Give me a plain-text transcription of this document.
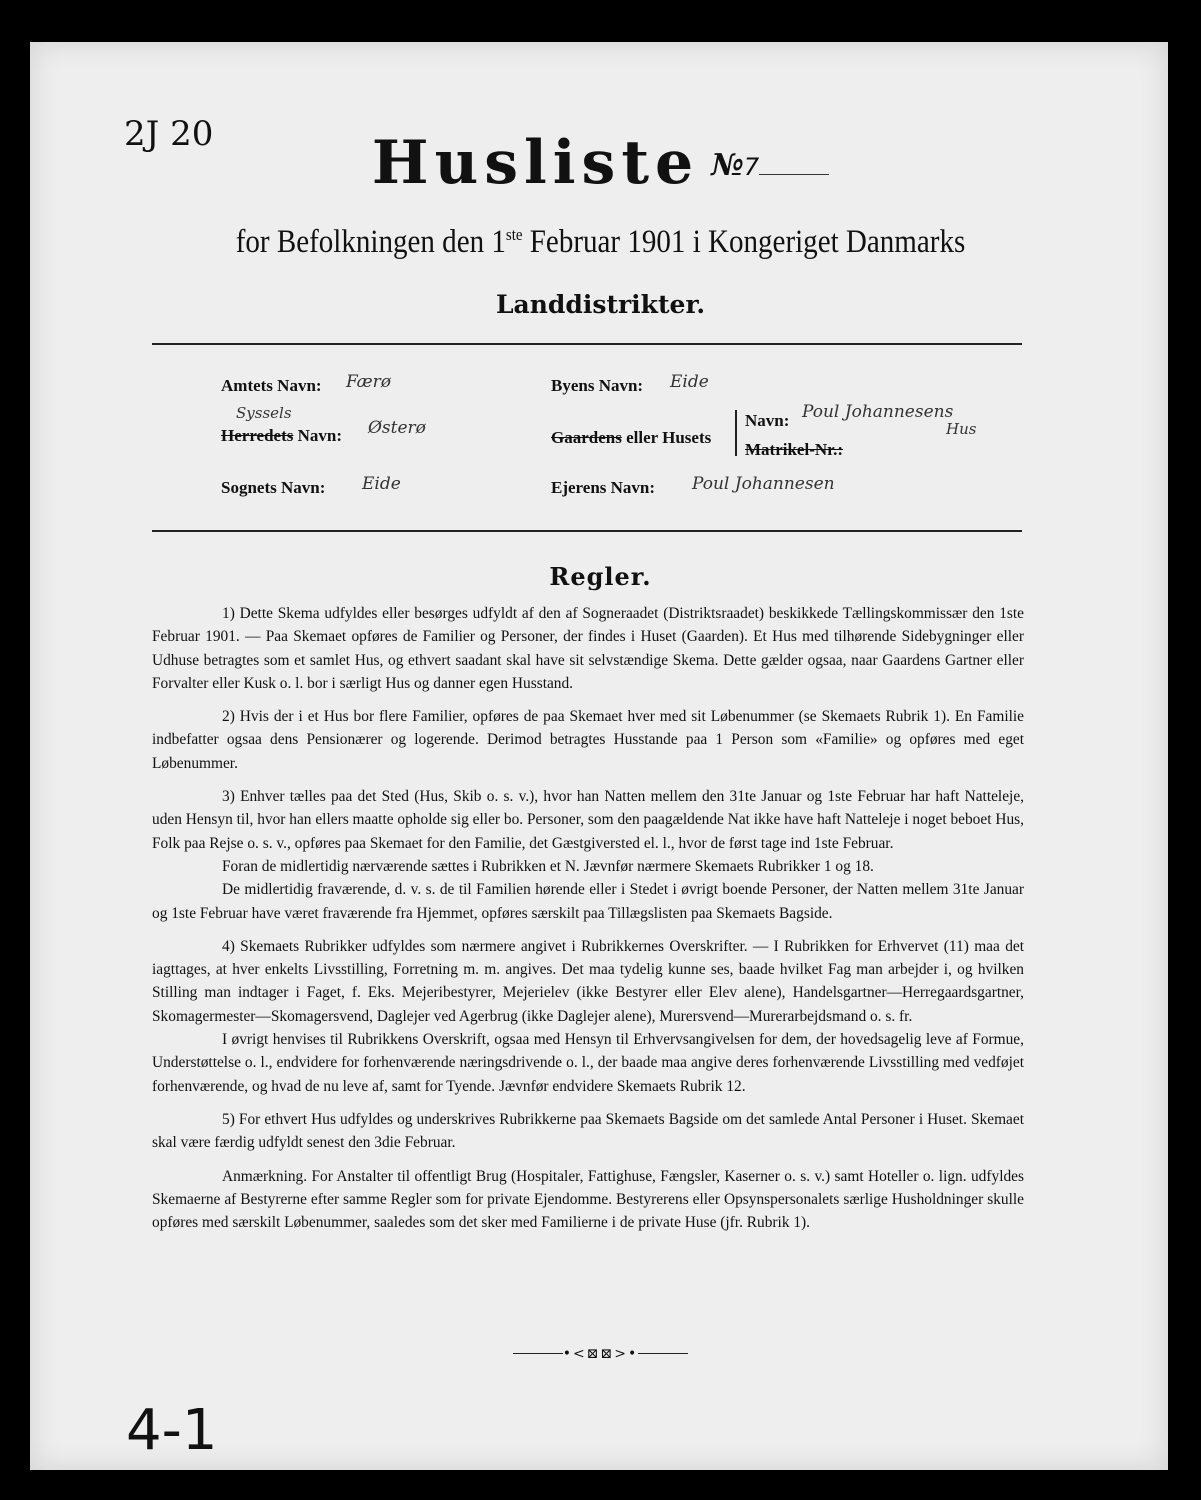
2J 20	Husliste №7
for Befolkningen den 1ste Februar 1901 i Kongeriget Danmarks
Landdistrikter.
Amtets Navn: Færø
Syssels
Herredets Navn: Østerø
Sognets Navn: Eide
Byens Navn: Eide
Gaardens eller Husets
Navn: Poul Johannesens
Hus
Matrikel-Nr.:
Ejerens Navn: Poul Johannesen
Regler.

1) Dette Skema udfyldes eller besørges udfyldt af den af Sogneraadet (Distriktsraadet) beskikkede Tællingskommissær den 1ste Februar 1901. — Paa Skemaet opføres de Familier og Personer, der findes i Huset (Gaarden). Et Hus med tilhørende Sidebygninger eller Udhuse betragtes som et samlet Hus, og ethvert saadant skal have sit selvstændige Skema. Dette gælder ogsaa, naar Gaardens Gartner eller Forvalter eller Kusk o. l. bor i særligt Hus og danner egen Husstand.

2) Hvis der i et Hus bor flere Familier, opføres de paa Skemaet hver med sit Løbenummer (se Skemaets Rubrik 1). En Familie indbefatter ogsaa dens Pensionærer og logerende. Derimod betragtes Husstande paa 1 Person som «Familie» og opføres med eget Løbenummer.

3) Enhver tælles paa det Sted (Hus, Skib o. s. v.), hvor han Natten mellem den 31te Januar og 1ste Februar har haft Natteleje, uden Hensyn til, hvor han ellers maatte opholde sig eller bo. Personer, som den paagældende Nat ikke have haft Natteleje i noget beboet Hus, Folk paa Rejse o. s. v., opføres paa Skemaet for den Familie, det Gæstgiversted el. l., hvor de først tage ind 1ste Februar.

Foran de midlertidig nærværende sættes i Rubrikken et N. Jævnfør nærmere Skemaets Rubrikker 1 og 18.

De midlertidig fraværende, d. v. s. de til Familien hørende eller i Stedet i øvrigt boende Personer, der Natten mellem 31te Januar og 1ste Februar have været fraværende fra Hjemmet, opføres særskilt paa Tillægslisten paa Skemaets Bagside.

4) Skemaets Rubrikker udfyldes som nærmere angivet i Rubrikkernes Overskrifter. — I Rubrikken for Erhvervet (11) maa det iagttages, at hver enkelts Livsstilling, Forretning m. m. angives. Det maa tydelig kunne ses, baade hvilket Fag man arbejder i, og hvilken Stilling man indtager i Faget, f. Eks. Mejeribestyrer, Mejerielev (ikke Bestyrer eller Elev alene), Handelsgartner—Herregaardsgartner, Skomagermester—Skomagersvend, Daglejer ved Agerbrug (ikke Daglejer alene), Murersvend—Murerarbejdsmand o. s. fr.

I øvrigt henvises til Rubrikkens Overskrift, ogsaa med Hensyn til Erhvervsangivelsen for dem, der hovedsagelig leve af Formue, Understøttelse o. l., endvidere for forhenværende næringsdrivende o. l., der baade maa angive deres forhenværende Livsstilling med vedføjet forhenværende, og hvad de nu leve af, samt for Tyende. Jævnfør endvidere Skemaets Rubrik 12.

5) For ethvert Hus udfyldes og underskrives Rubrikkerne paa Skemaets Bagside om det samlede Antal Personer i Huset. Skemaet skal være færdig udfyldt senest den 3die Februar.

Anmærkning. For Anstalter til offentligt Brug (Hospitaler, Fattighuse, Fængsler, Kaserner o. s. v.) samt Hoteller o. lign. udfyldes Skemaerne af Bestyrerne efter samme Regler som for private Ejendomme. Bestyrerens eller Opsynspersonalets særlige Husholdninger skulle opføres med særskilt Løbenummer, saaledes som det sker med Familierne i de private Huse (jfr. Rubrik 1).

•<⊠⊠>•
4-1
